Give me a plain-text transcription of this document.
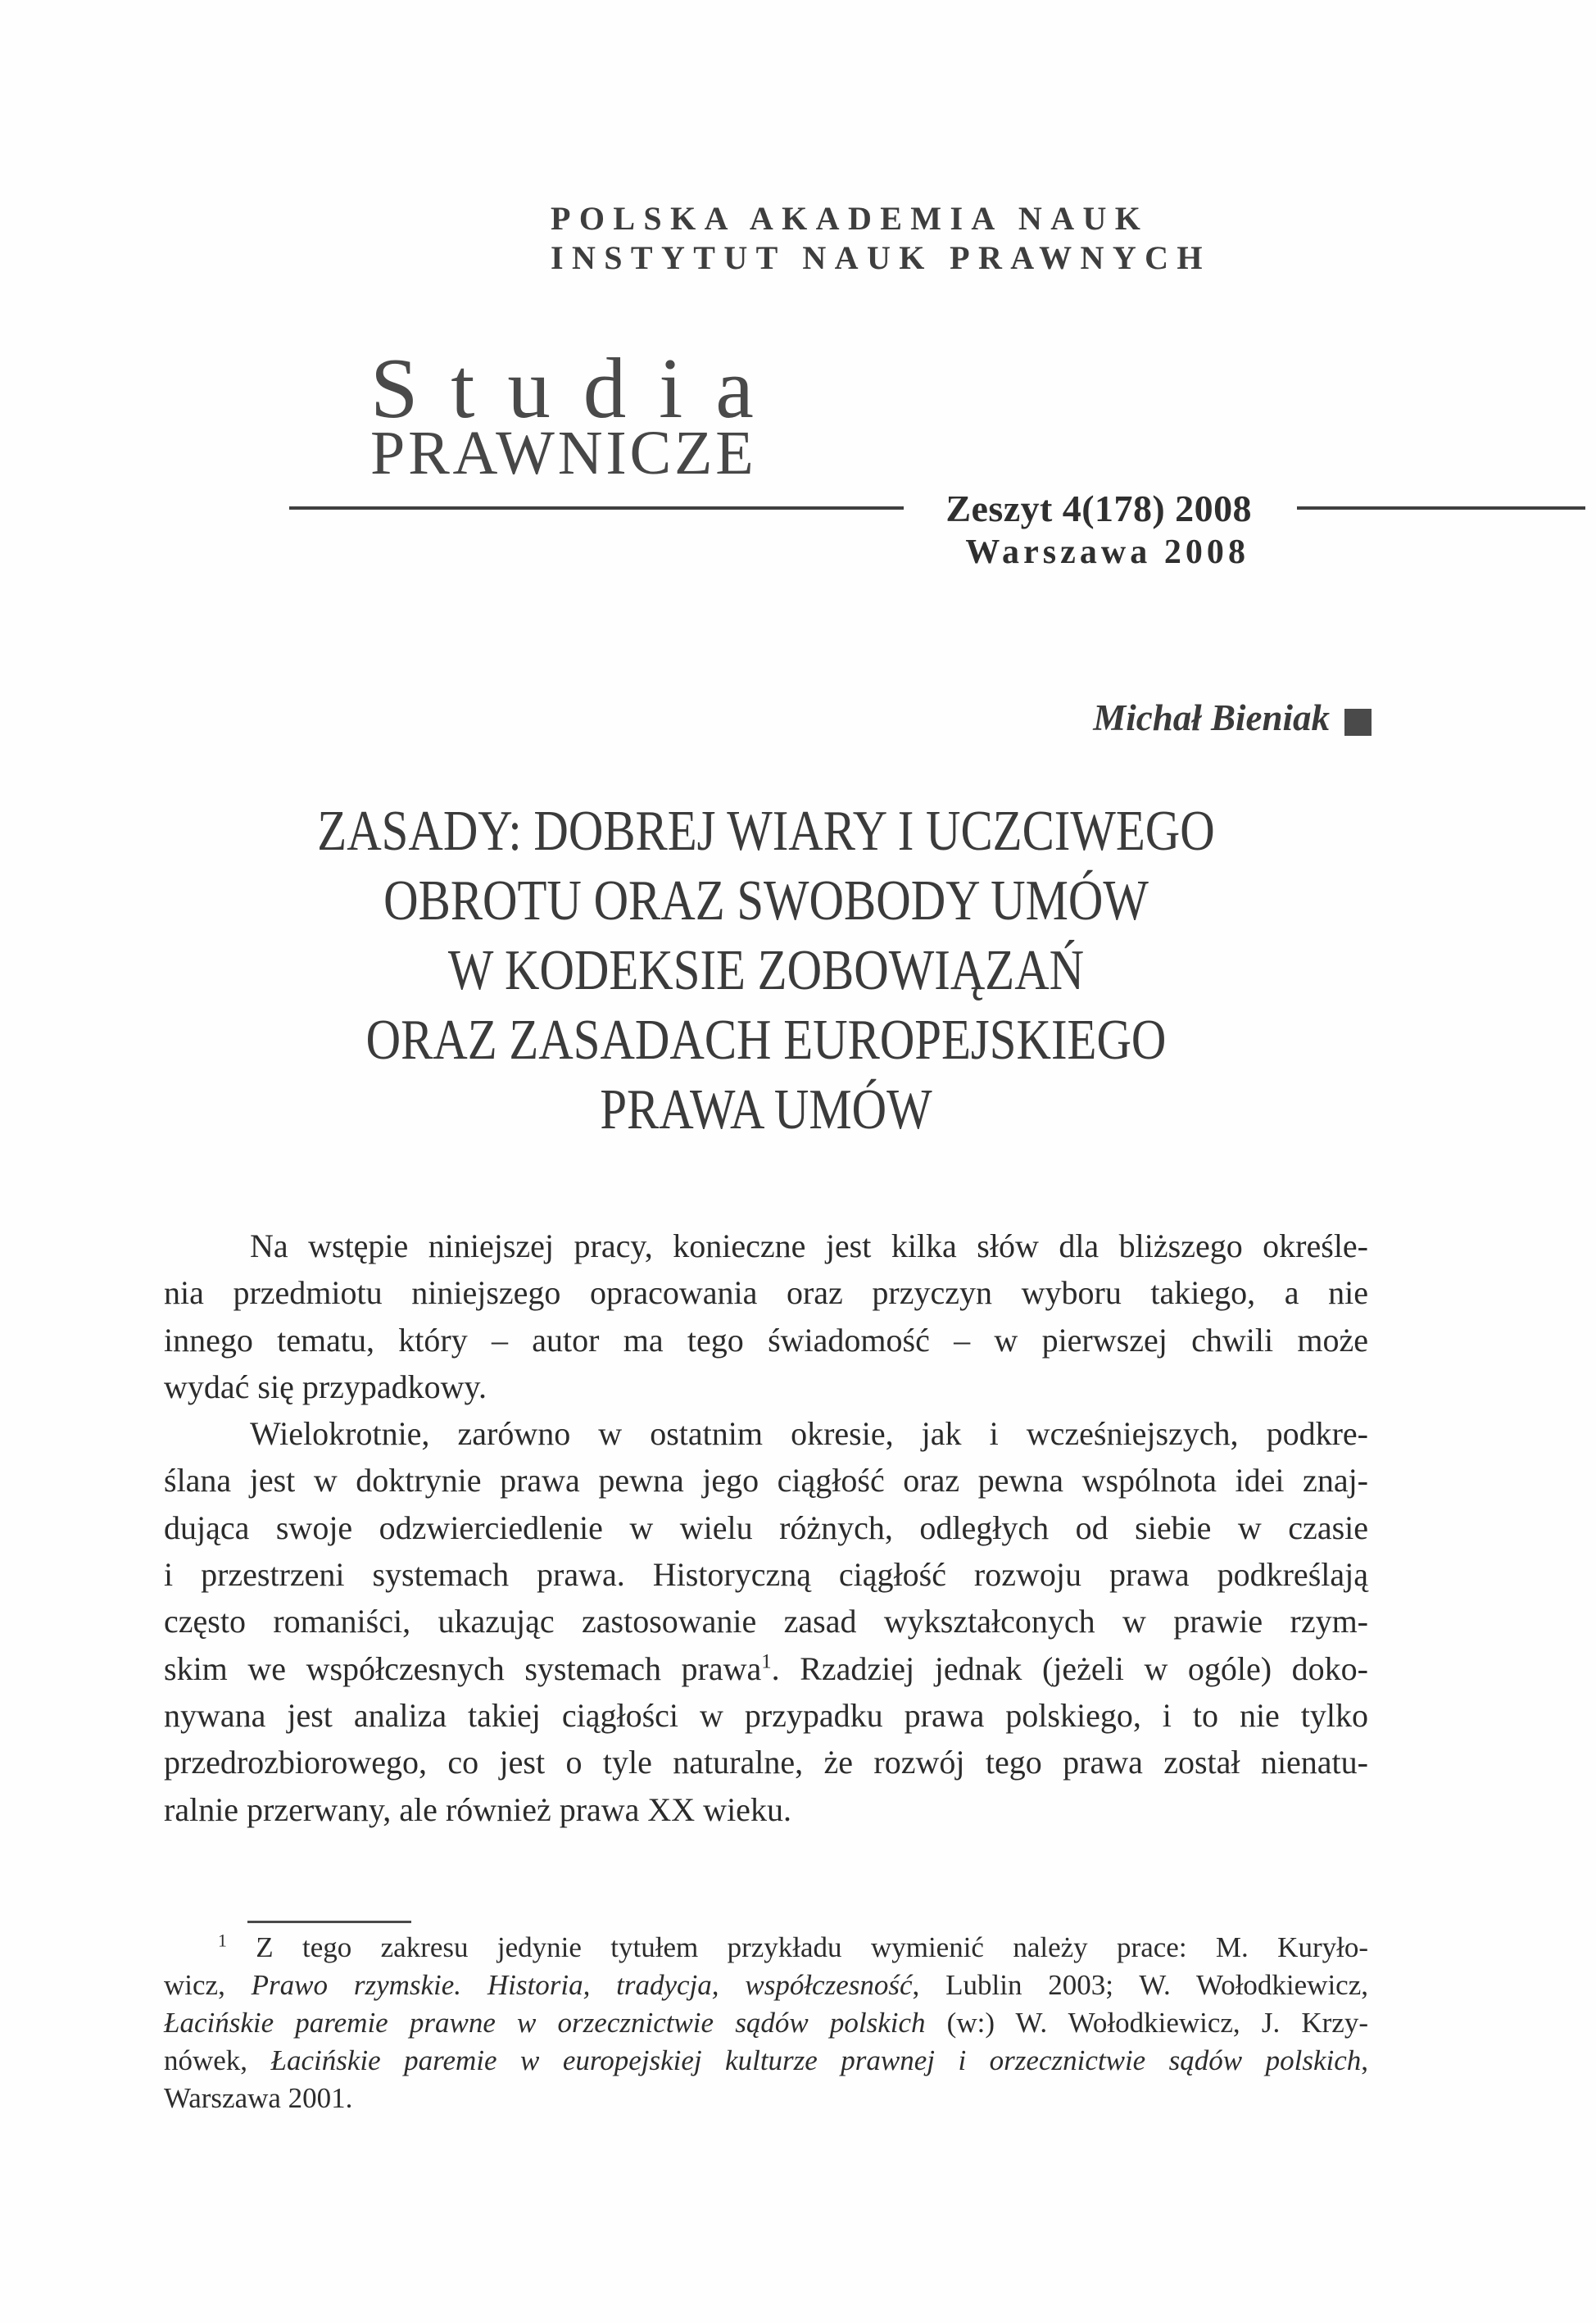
POLSKA AKADEMIA NAUK
INSTYTUT NAUK PRAWNYCH
Studia
PRAWNICZE
Zeszyt 4(178) 2008
Warszawa 2008
Michał Bieniak
ZASADY: DOBREJ WIARY I UCZCIWEGO
OBROTU ORAZ SWOBODY UMÓW
W KODEKSIE ZOBOWIĄZAŃ
ORAZ ZASADACH EUROPEJSKIEGO
PRAWA UMÓW
Na wstępie niniejszej pracy, konieczne jest kilka słów dla bliższego określe-
nia przedmiotu niniejszego opracowania oraz przyczyn wyboru takiego, a nie
innego tematu, który – autor ma tego świadomość – w pierwszej chwili może
wydać się przypadkowy.
Wielokrotnie, zarówno w ostatnim okresie, jak i wcześniejszych, podkre-
ślana jest w doktrynie prawa pewna jego ciągłość oraz pewna wspólnota idei znaj-
dująca swoje odzwierciedlenie w wielu różnych, odległych od siebie w czasie
i przestrzeni systemach prawa. Historyczną ciągłość rozwoju prawa podkreślają
często romaniści, ukazując zastosowanie zasad wykształconych w prawie rzym-
skim we współczesnych systemach prawa$^1$. Rzadziej jednak (jeżeli w ogóle) doko-
nywana jest analiza takiej ciągłości w przypadku prawa polskiego, i to nie tylko
przedrozbiorowego, co jest o tyle naturalne, że rozwój tego prawa został nienatu-
ralnie przerwany, ale również prawa XX wieku.
$^1$ Z tego zakresu jedynie tytułem przykładu wymienić należy prace: M. Kuryło-
wicz, Prawo rzymskie. Historia, tradycja, współczesność, Lublin 2003; W. Wołodkiewicz,
Łacińskie paremie prawne w orzecznictwie sądów polskich (w:) W. Wołodkiewicz, J. Krzy-
nówek, Łacińskie paremie w europejskiej kulturze prawnej i orzecznictwie sądów polskich,
Warszawa 2001.
